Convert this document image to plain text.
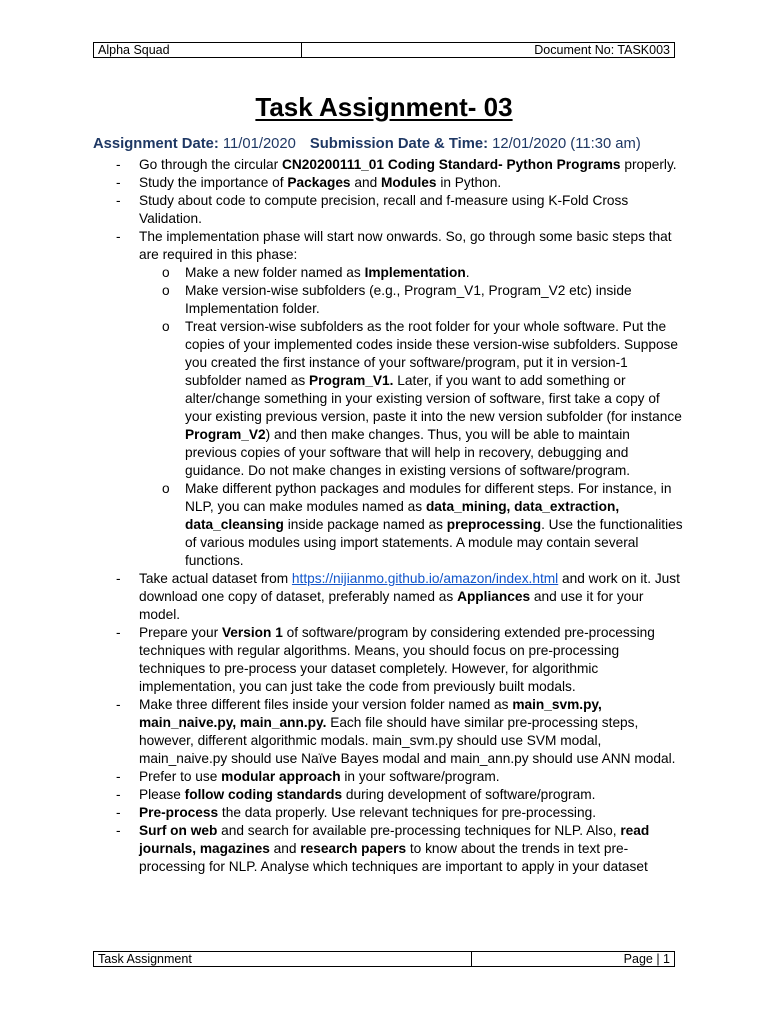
Alpha Squad	Document No: TASK003
Task Assignment- 03
Assignment Date: 11/01/2020 Submission Date & Time: 12/01/2020 (11:30 am)
- Go through the circular CN20200111_01 Coding Standard- Python Programs properly.
- Study the importance of Packages and Modules in Python.
- Study about code to compute precision, recall and f-measure using K-Fold Cross Validation.
- The implementation phase will start now onwards. So, go through some basic steps that are required in this phase:
o Make a new folder named as Implementation.
o Make version-wise subfolders (e.g., Program_V1, Program_V2 etc) inside Implementation folder.
o Treat version-wise subfolders as the root folder for your whole software. Put the copies of your implemented codes inside these version-wise subfolders. Suppose you created the first instance of your software/program, put it in version-1 subfolder named as Program_V1. Later, if you want to add something or alter/change something in your existing version of software, first take a copy of your existing previous version, paste it into the new version subfolder (for instance Program_V2) and then make changes. Thus, you will be able to maintain previous copies of your software that will help in recovery, debugging and guidance. Do not make changes in existing versions of software/program.
o Make different python packages and modules for different steps. For instance, in NLP, you can make modules named as data_mining, data_extraction, data_cleansing inside package named as preprocessing. Use the functionalities of various modules using import statements. A module may contain several functions.
- Take actual dataset from https://nijianmo.github.io/amazon/index.html and work on it. Just download one copy of dataset, preferably named as Appliances and use it for your model.
- Prepare your Version 1 of software/program by considering extended pre-processing techniques with regular algorithms. Means, you should focus on pre-processing techniques to pre-process your dataset completely. However, for algorithmic implementation, you can just take the code from previously built modals.
- Make three different files inside your version folder named as main_svm.py, main_naive.py, main_ann.py. Each file should have similar pre-processing steps, however, different algorithmic modals. main_svm.py should use SVM modal, main_naive.py should use Naïve Bayes modal and main_ann.py should use ANN modal.
- Prefer to use modular approach in your software/program.
- Please follow coding standards during development of software/program.
- Pre-process the data properly. Use relevant techniques for pre-processing.
- Surf on web and search for available pre-processing techniques for NLP. Also, read journals, magazines and research papers to know about the trends in text pre-processing for NLP. Analyse which techniques are important to apply in your dataset
Task Assignment	Page | 1
